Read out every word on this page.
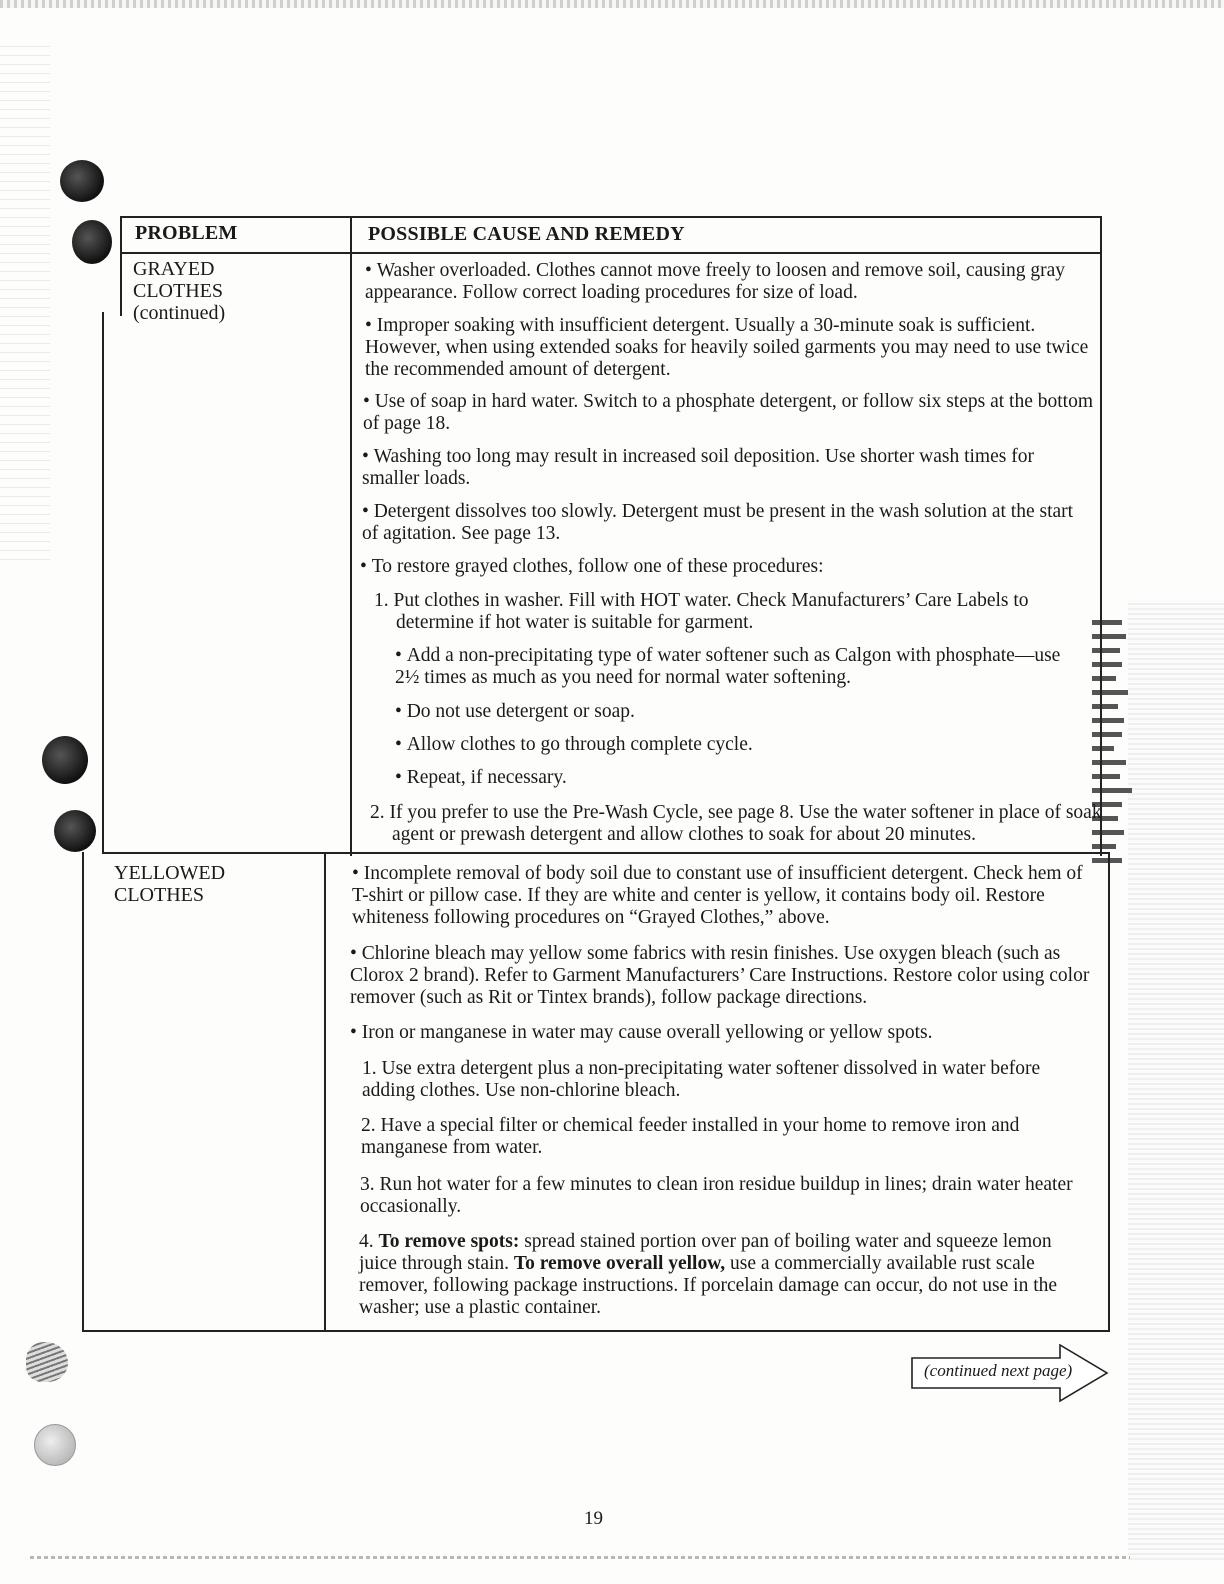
PROBLEM	POSSIBLE CAUSE AND REMEDY
GRAYED
CLOTHES
(continued)
• Washer overloaded. Clothes cannot move freely to loosen and remove soil, causing gray appearance. Follow correct loading procedures for size of load.
• Improper soaking with insufficient detergent. Usually a 30-minute soak is sufficient. However, when using extended soaks for heavily soiled garments you may need to use twice the recommended amount of detergent.
• Use of soap in hard water. Switch to a phosphate detergent, or follow six steps at the bottom of page 18.
• Washing too long may result in increased soil deposition. Use shorter wash times for smaller loads.
• Detergent dissolves too slowly. Detergent must be present in the wash solution at the start of agitation. See page 13.
• To restore grayed clothes, follow one of these procedures:
1. Put clothes in washer. Fill with HOT water. Check Manufacturers’ Care Labels to determine if hot water is suitable for garment.
• Add a non-precipitating type of water softener such as Calgon with phosphate—use 2½ times as much as you need for normal water softening.
• Do not use detergent or soap.
• Allow clothes to go through complete cycle.
• Repeat, if necessary.
2. If you prefer to use the Pre-Wash Cycle, see page 8. Use the water softener in place of soak agent or prewash detergent and allow clothes to soak for about 20 minutes.
YELLOWED
CLOTHES
• Incomplete removal of body soil due to constant use of insufficient detergent. Check hem of T-shirt or pillow case. If they are white and center is yellow, it contains body oil. Restore whiteness following procedures on “Grayed Clothes,” above.
• Chlorine bleach may yellow some fabrics with resin finishes. Use oxygen bleach (such as Clorox 2 brand). Refer to Garment Manufacturers’ Care Instructions. Restore color using color remover (such as Rit or Tintex brands), follow package directions.
• Iron or manganese in water may cause overall yellowing or yellow spots.
1. Use extra detergent plus a non-precipitating water softener dissolved in water before adding clothes. Use non-chlorine bleach.
2. Have a special filter or chemical feeder installed in your home to remove iron and manganese from water.
3. Run hot water for a few minutes to clean iron residue buildup in lines; drain water heater occasionally.
4. To remove spots: spread stained portion over pan of boiling water and squeeze lemon juice through stain. To remove overall yellow, use a commercially available rust scale remover, following package instructions. If porcelain damage can occur, do not use in the washer; use a plastic container.
(continued next page)
19
